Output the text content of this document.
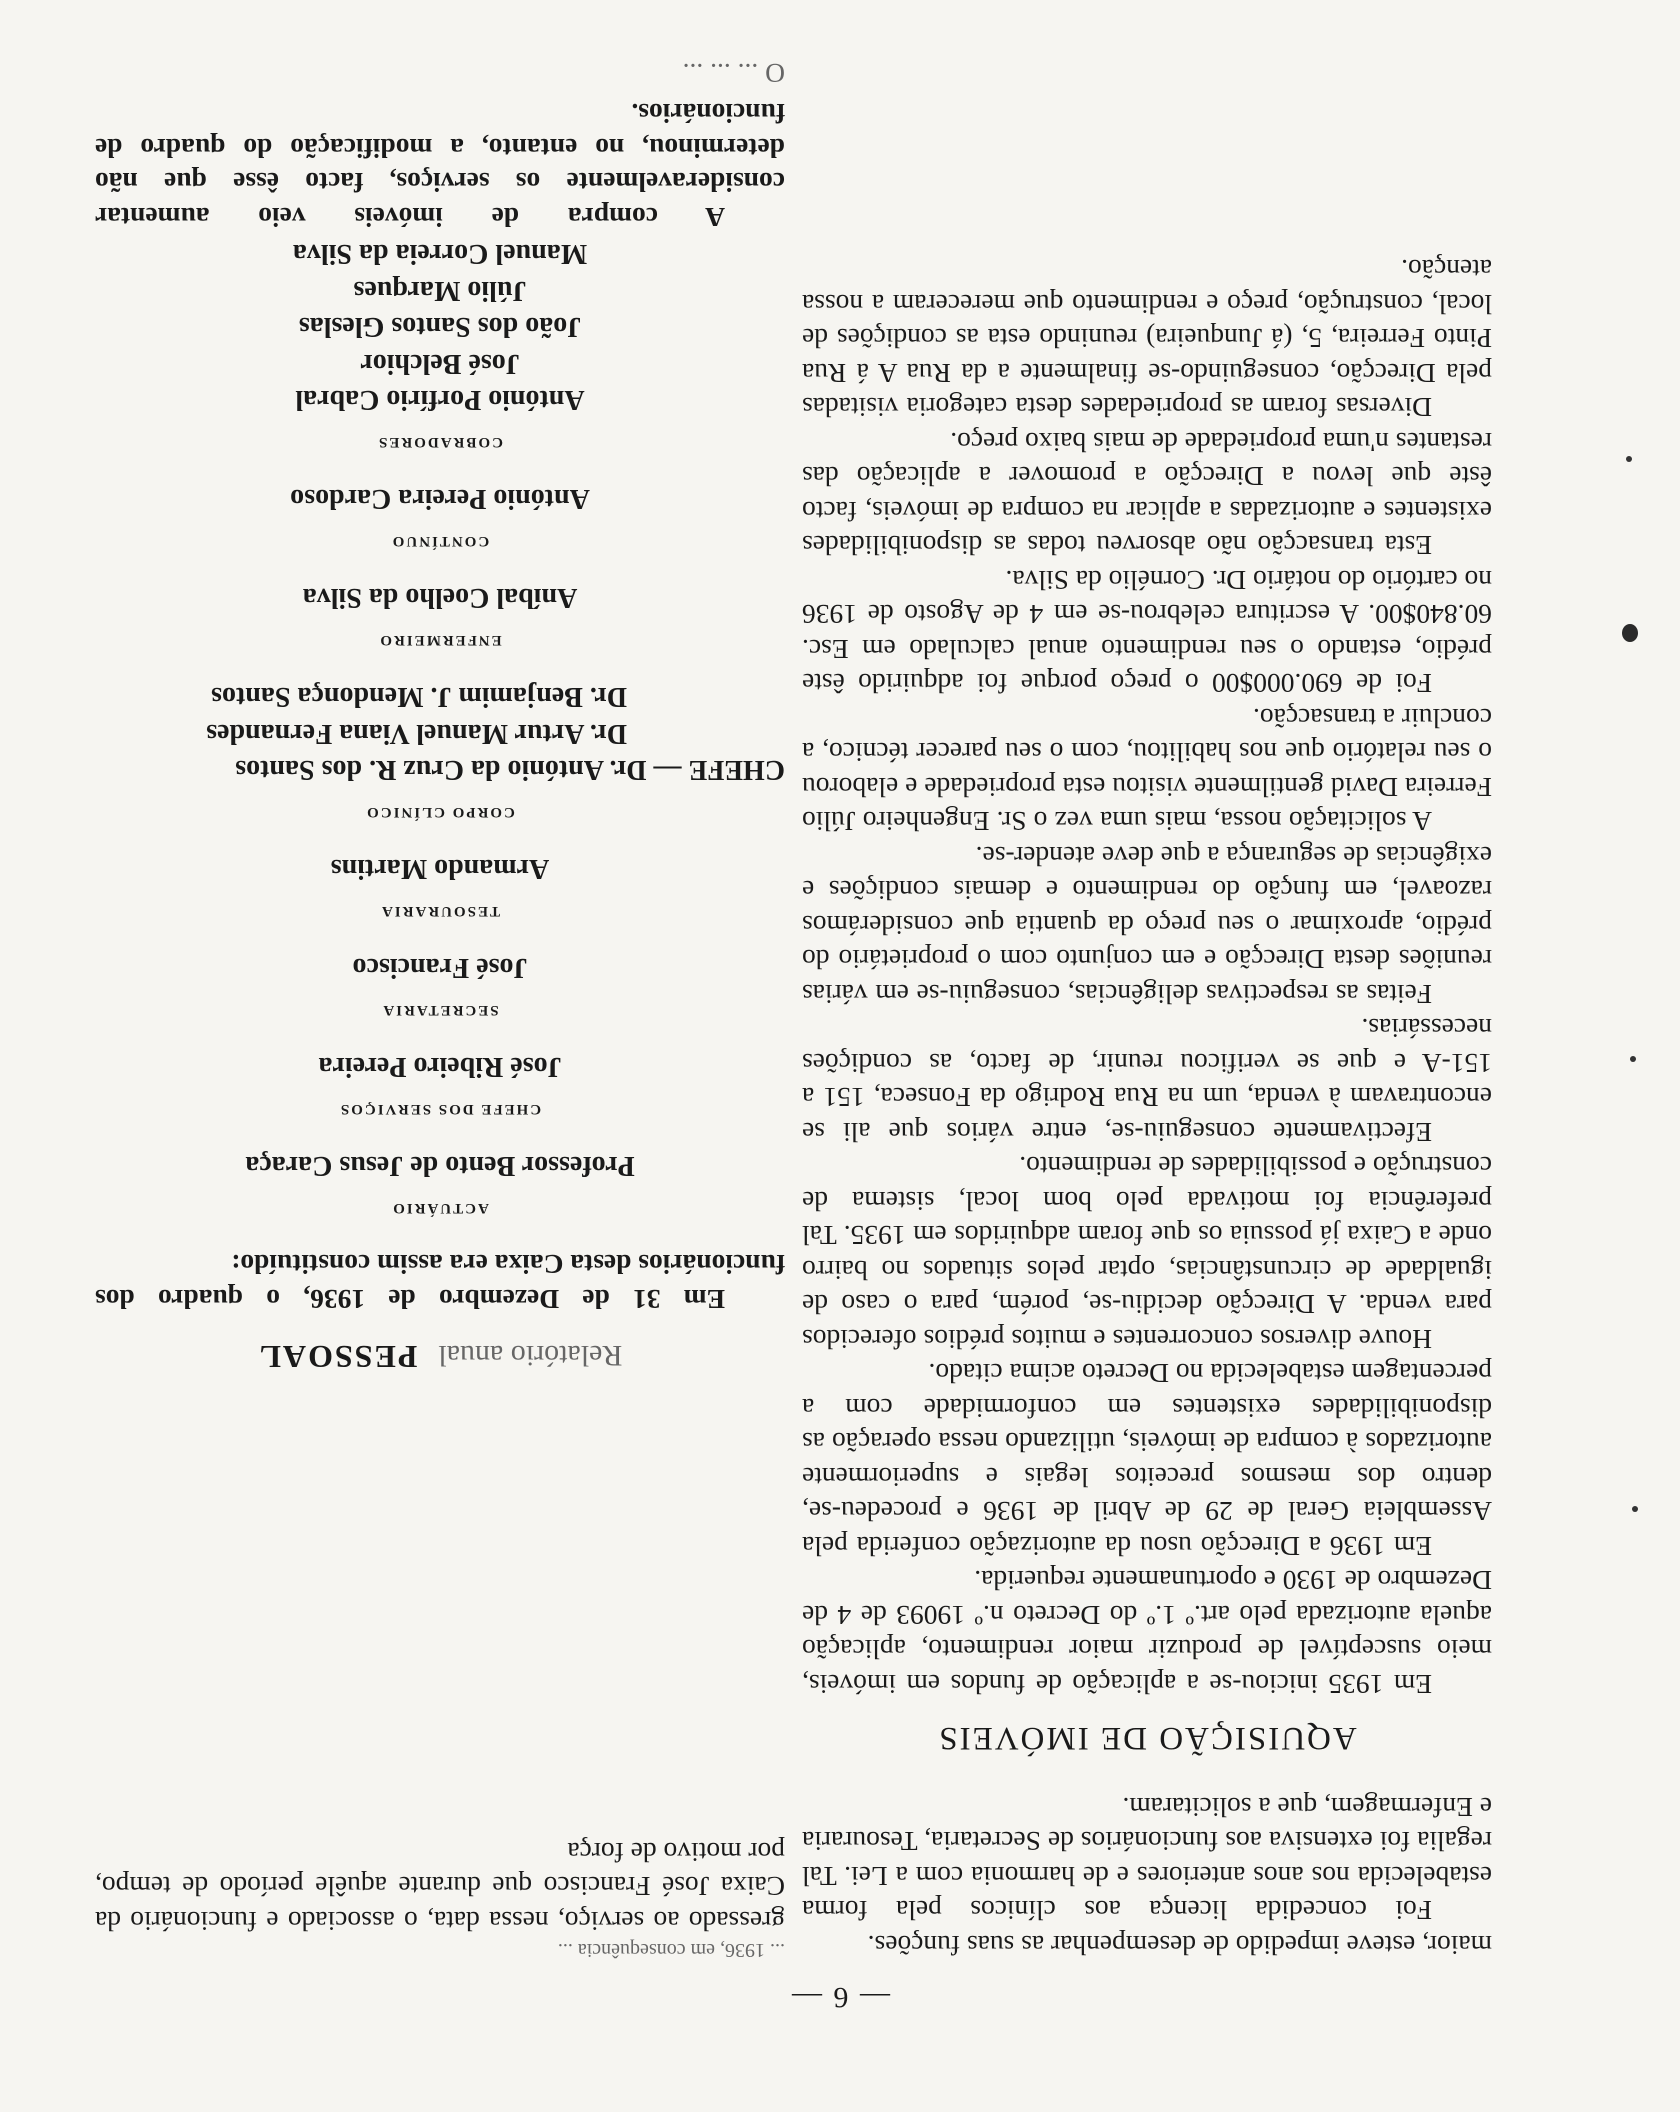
— 6 —

maior, esteve impedido de desempenhar as suas funções.

Foi concedida licença aos clínicos pela forma estabelecida nos anos anteriores e de harmonia com a Lei. Tal regalia foi extensiva aos funcionários de Secretaria, Tesouraria e Enfermagem, que a solicitaram.

AQUISIÇÃO DE IMÓVEIS

Em 1935 iniciou-se a aplicação de fundos em imóveis, meio susceptível de produzir maior rendimento, aplicação aquela autorizada pelo art.º 1.º do Decreto n.º 19093 de 4 de Dezembro de 1930 e oportunamente requerida.

Em 1936 a Direcção usou da autorização conferida pela Assembleia Geral de 29 de Abril de 1936 e procedeu-se, dentro dos mesmos preceitos legais e superiormente autorizados à compra de imóveis, utilizando nessa operação as disponibilidades existentes em conformidade com a percentagem estabelecida no Decreto acima citado.

Houve diversos concorrentes e muitos prédios oferecidos para venda. A Direcção decidiu-se, porém, para o caso de igualdade de circunstâncias, optar pelos situados no bairro onde a Caixa já possuia os que foram adquiridos em 1935. Tal preferência foi motivada pelo bom local, sistema de construção e possibilidades de rendimento.

Efectivamente conseguiu-se, entre vários que ali se encontravam à venda, um na Rua Rodrigo da Fonseca, 151 a 151-A e que se verificou reunir, de facto, as condições necessárias.

Feitas as respectivas deligências, conseguiu-se em várias reuniões desta Direcção e em conjunto com o proprietário do prédio, aproximar o seu preço da quantia que considerámos razoavel, em função do rendimento e demais condições e exigências de segurança a que deve atender-se.

A solicitação nossa, mais uma vez o Sr. Engenheiro Júlio Ferreira David gentilmente visitou esta propriedade e elaborou o seu relatório que nos habilitou, com o seu parecer técnico, a concluir a transacção.

Foi de 690.000$00 o preço porque foi adquirido êste prédio, estando o seu rendimento anual calculado em Esc. 60.840$00. A escritura celebrou-se em 4 de Agosto de 1936 no cartório do notário Dr. Cornélio da Silva.

Esta transacção não absorveu todas as disponibilidades existentes e autorizadas a aplicar na compra de imóveis, facto êste que levou a Direcção a promover a aplicação das restantes n'uma propriedade de mais baixo preço.

Diversas foram as propriedades desta categoria visitadas pela Direcção, conseguindo-se finalmente a da Rua A á Rua Pinto Ferreira, 5, (á Junqueira) reunindo esta as condições de local, construção, preço e rendimento que mereceram a nossa atenção.

... 1936, em consequência ...

gressado ao serviço, nessa data, o associado e funcionário da Caixa José Francisco que durante aquêle período de tempo, por motivo de força

Relatório anual PESSOAL

Em 31 de Dezembro de 1936, o quadro dos funcionários desta Caixa era assim constituído:

ACTUÁRIO
Professor Bento de Jesus Caraça
CHEFE DOS SERVIÇOS
José Ribeiro Pereira
SECRETARIA
José Francisco
TESOURARIA
Armando Martins
CORPO CLÍNICO
CHEFE — Dr. António da Cruz R. dos Santos
Dr. Artur Manuel Viana Fernandes
Dr. Benjamim J. Mendonça Santos
ENFERMEIRO
Aníbal Coelho da Silva
CONTÍNUO
António Pereira Cardoso
COBRADORES
António Porfírio Cabral
José Belchior
João dos Santos Gleslas
Júlio Marques
Manuel Correia da Silva

A compra de imóveis veio aumentar consideravelmente os serviços, facto êsse que não determinou, no entanto, a modificação do quadro de funcionários.

O ... ... ...
